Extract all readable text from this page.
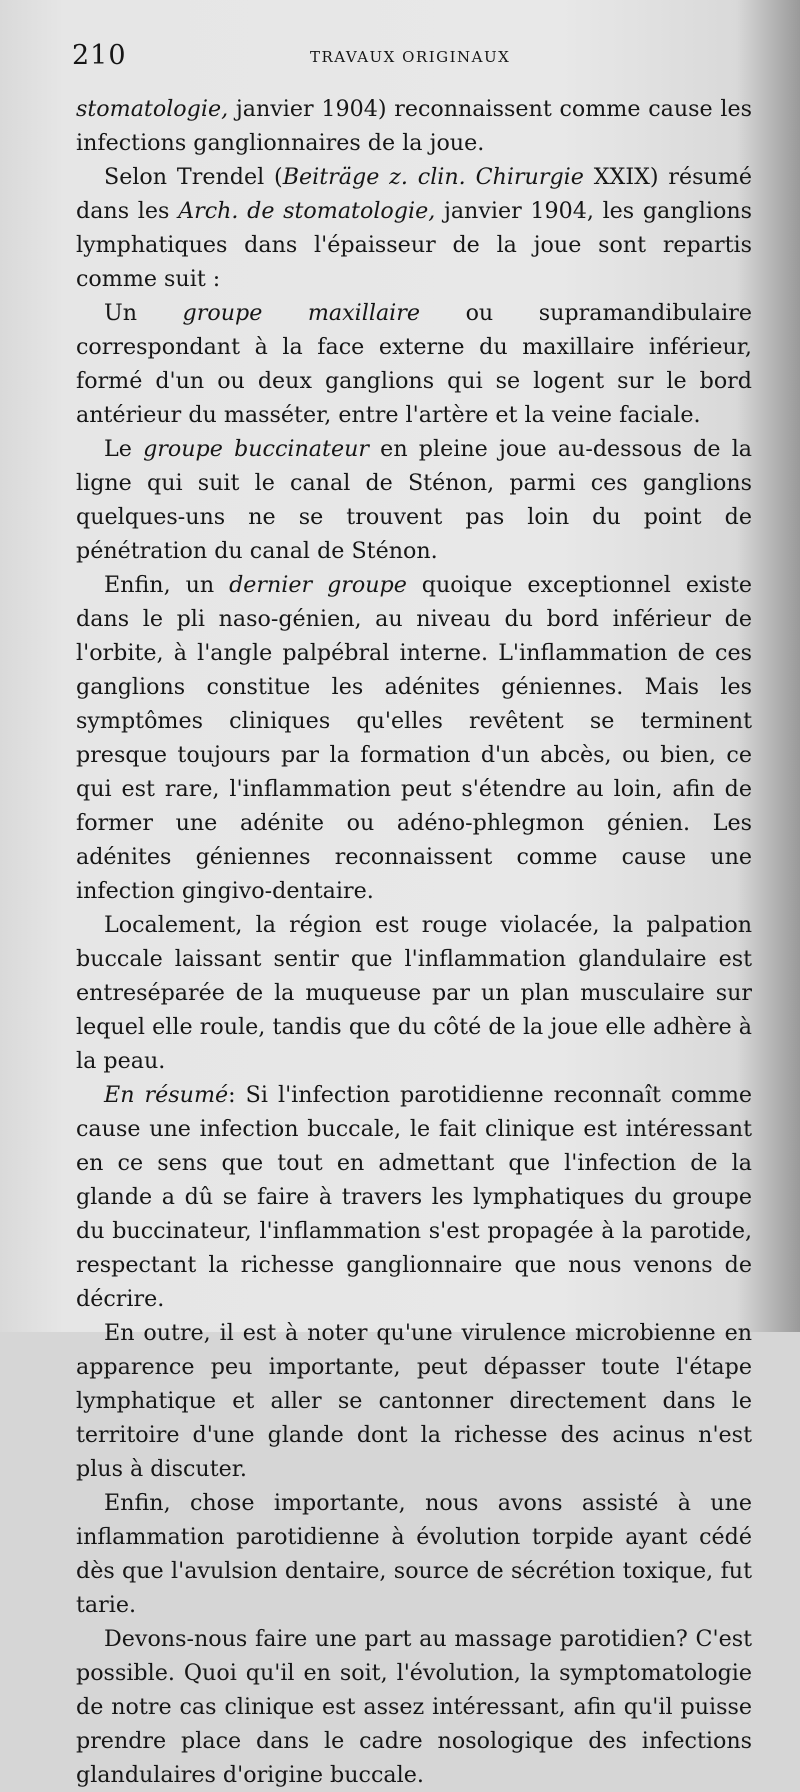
210	TRAVAUX ORIGINAUX

stomatologie, janvier 1904) reconnaissent comme cause les infections ganglionnaires de la joue.

Selon Trendel (Beiträge z. clin. Chirurgie XXIX) résumé dans les Arch. de stomatologie, janvier 1904, les ganglions lymphatiques dans l'épaisseur de la joue sont repartis comme suit :

Un groupe maxillaire ou supramandibulaire correspondant à la face externe du maxillaire inférieur, formé d'un ou deux ganglions qui se logent sur le bord antérieur du masséter, entre l'artère et la veine faciale.

Le groupe buccinateur en pleine joue au-dessous de la ligne qui suit le canal de Sténon, parmi ces ganglions quelques-uns ne se trouvent pas loin du point de pénétration du canal de Sténon.

Enfin, un dernier groupe quoique exceptionnel existe dans le pli naso-génien, au niveau du bord inférieur de l'orbite, à l'angle palpébral interne. L'inflammation de ces ganglions constitue les adénites géniennes. Mais les symptômes cliniques qu'elles revêtent se terminent presque toujours par la formation d'un abcès, ou bien, ce qui est rare, l'inflammation peut s'étendre au loin, afin de former une adénite ou adéno-phlegmon génien. Les adénites géniennes reconnaissent comme cause une infection gingivo-dentaire.

Localement, la région est rouge violacée, la palpation buccale laissant sentir que l'inflammation glandulaire est entreséparée de la muqueuse par un plan musculaire sur lequel elle roule, tandis que du côté de la joue elle adhère à la peau.

En résumé: Si l'infection parotidienne reconnaît comme cause une infection buccale, le fait clinique est intéressant en ce sens que tout en admettant que l'infection de la glande a dû se faire à travers les lymphatiques du groupe du buccinateur, l'inflammation s'est propagée à la parotide, respectant la richesse ganglionnaire que nous venons de décrire.

En outre, il est à noter qu'une virulence microbienne en apparence peu importante, peut dépasser toute l'étape lymphatique et aller se cantonner directement dans le territoire d'une glande dont la richesse des acinus n'est plus à discuter.

Enfin, chose importante, nous avons assisté à une inflammation parotidienne à évolution torpide ayant cédé dès que l'avulsion dentaire, source de sécrétion toxique, fut tarie.

Devons-nous faire une part au massage parotidien? C'est possible. Quoi qu'il en soit, l'évolution, la symptomatologie de notre cas clinique est assez intéressant, afin qu'il puisse prendre place dans le cadre nosologique des infections glandulaires d'origine buccale.
